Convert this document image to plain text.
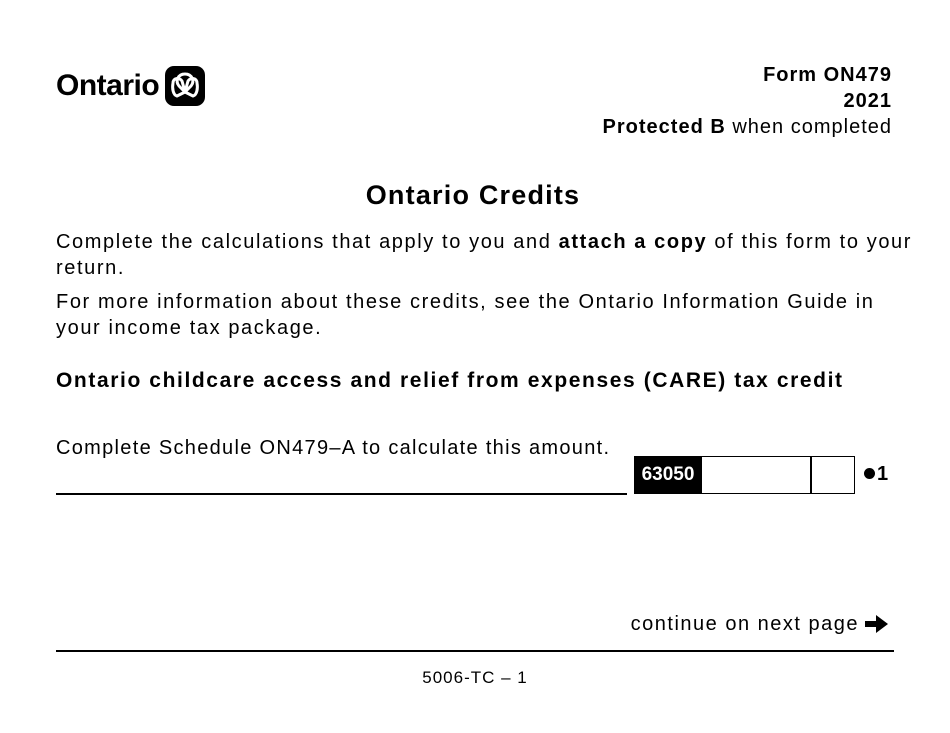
Ontario	Form ON479
2021
Protected B when completed
Ontario Credits
Complete the calculations that apply to you and attach a copy of this form to your return.
For more information about these credits, see the Ontario Information Guide in your income tax package.
Ontario childcare access and relief from expenses (CARE) tax credit
Complete Schedule ON479–A to calculate this amount.
63050	1
continue on next page
5006-TC – 1
